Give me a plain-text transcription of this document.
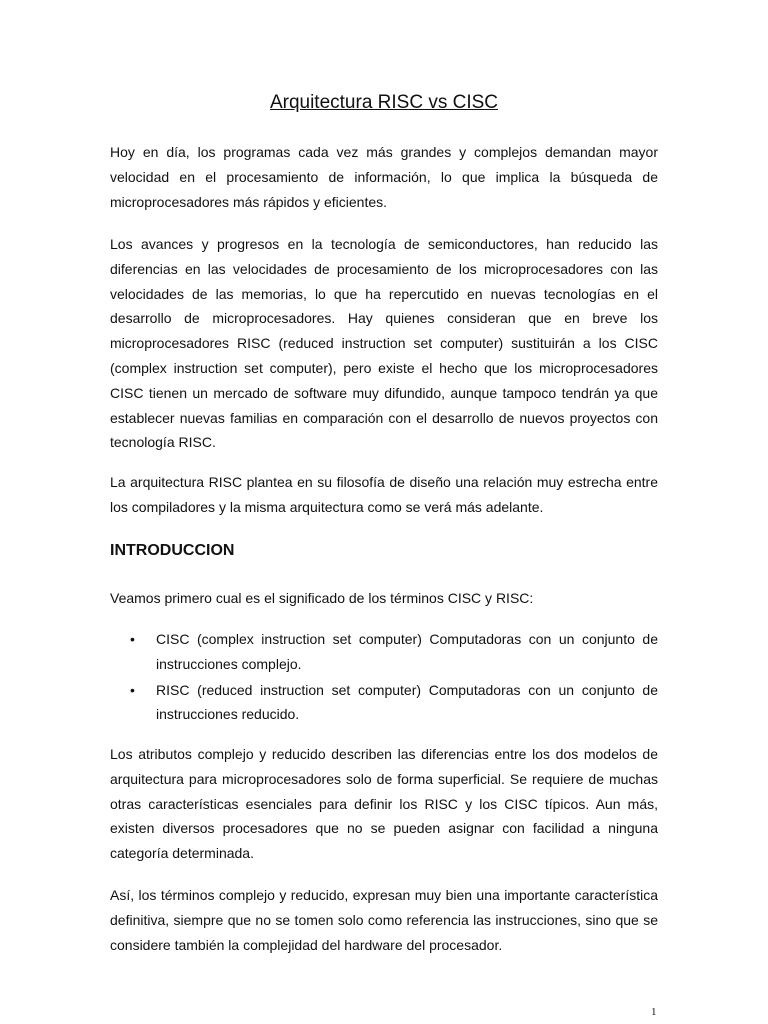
Arquitectura RISC vs CISC

Hoy en día, los programas cada vez más grandes y complejos demandan mayor velocidad en el procesamiento de información, lo que implica la búsqueda de microprocesadores más rápidos y eficientes.

Los avances y progresos en la tecnología de semiconductores, han reducido las diferencias en las velocidades de procesamiento de los microprocesadores con las velocidades de las memorias, lo que ha repercutido en nuevas tecnologías en el desarrollo de microprocesadores. Hay quienes consideran que en breve los microprocesadores RISC (reduced instruction set computer) sustituirán a los CISC (complex instruction set computer), pero existe el hecho que los microprocesadores CISC tienen un mercado de software muy difundido, aunque tampoco tendrán ya que establecer nuevas familias en comparación con el desarrollo de nuevos proyectos con tecnología RISC.

La arquitectura RISC plantea en su filosofía de diseño una relación muy estrecha entre los compiladores y la misma arquitectura como se verá más adelante.

INTRODUCCION

Veamos primero cual es el significado de los términos CISC y RISC:

• CISC (complex instruction set computer) Computadoras con un conjunto de instrucciones complejo.
• RISC (reduced instruction set computer) Computadoras con un conjunto de instrucciones reducido.

Los atributos complejo y reducido describen las diferencias entre los dos modelos de arquitectura para microprocesadores solo de forma superficial. Se requiere de muchas otras características esenciales para definir los RISC y los CISC típicos. Aun más, existen diversos procesadores que no se pueden asignar con facilidad a ninguna categoría determinada.

Así, los términos complejo y reducido, expresan muy bien una importante característica definitiva, siempre que no se tomen solo como referencia las instrucciones, sino que se considere también la complejidad del hardware del procesador.

1
